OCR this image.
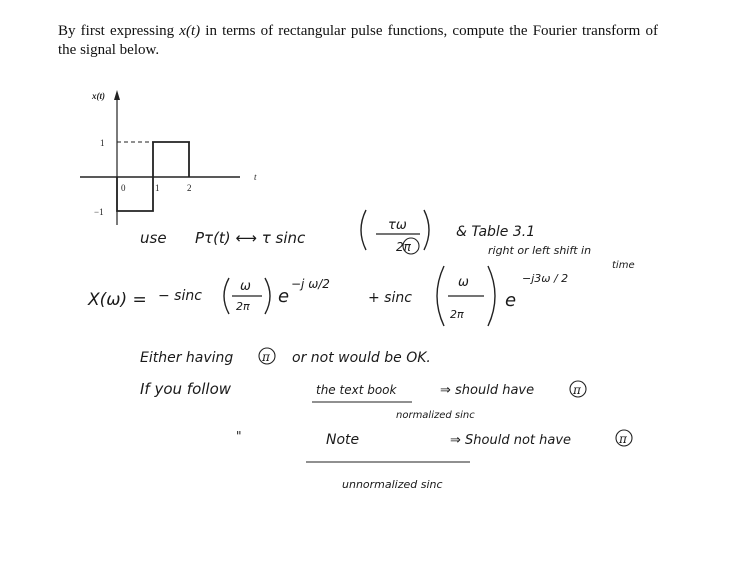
By first expressing x(t) in terms of rectangular pulse functions, compute the Fourier transform of the signal below.
x(t)
t
1
−1
0	1	2
use Pτ(t) ⟷ τ sinc
τω
2π
& Table 3.1
right or left shift in
time
X(ω) = − sinc
ω
2π e
−j ω/2
+ sinc
ω
2π
e
−j3ω / 2
Either having π or not would be OK.
If you follow	the text book	⇒ should have	π
normalized sinc
"	Note	⇒ Should not have	π
unnormalized sinc
